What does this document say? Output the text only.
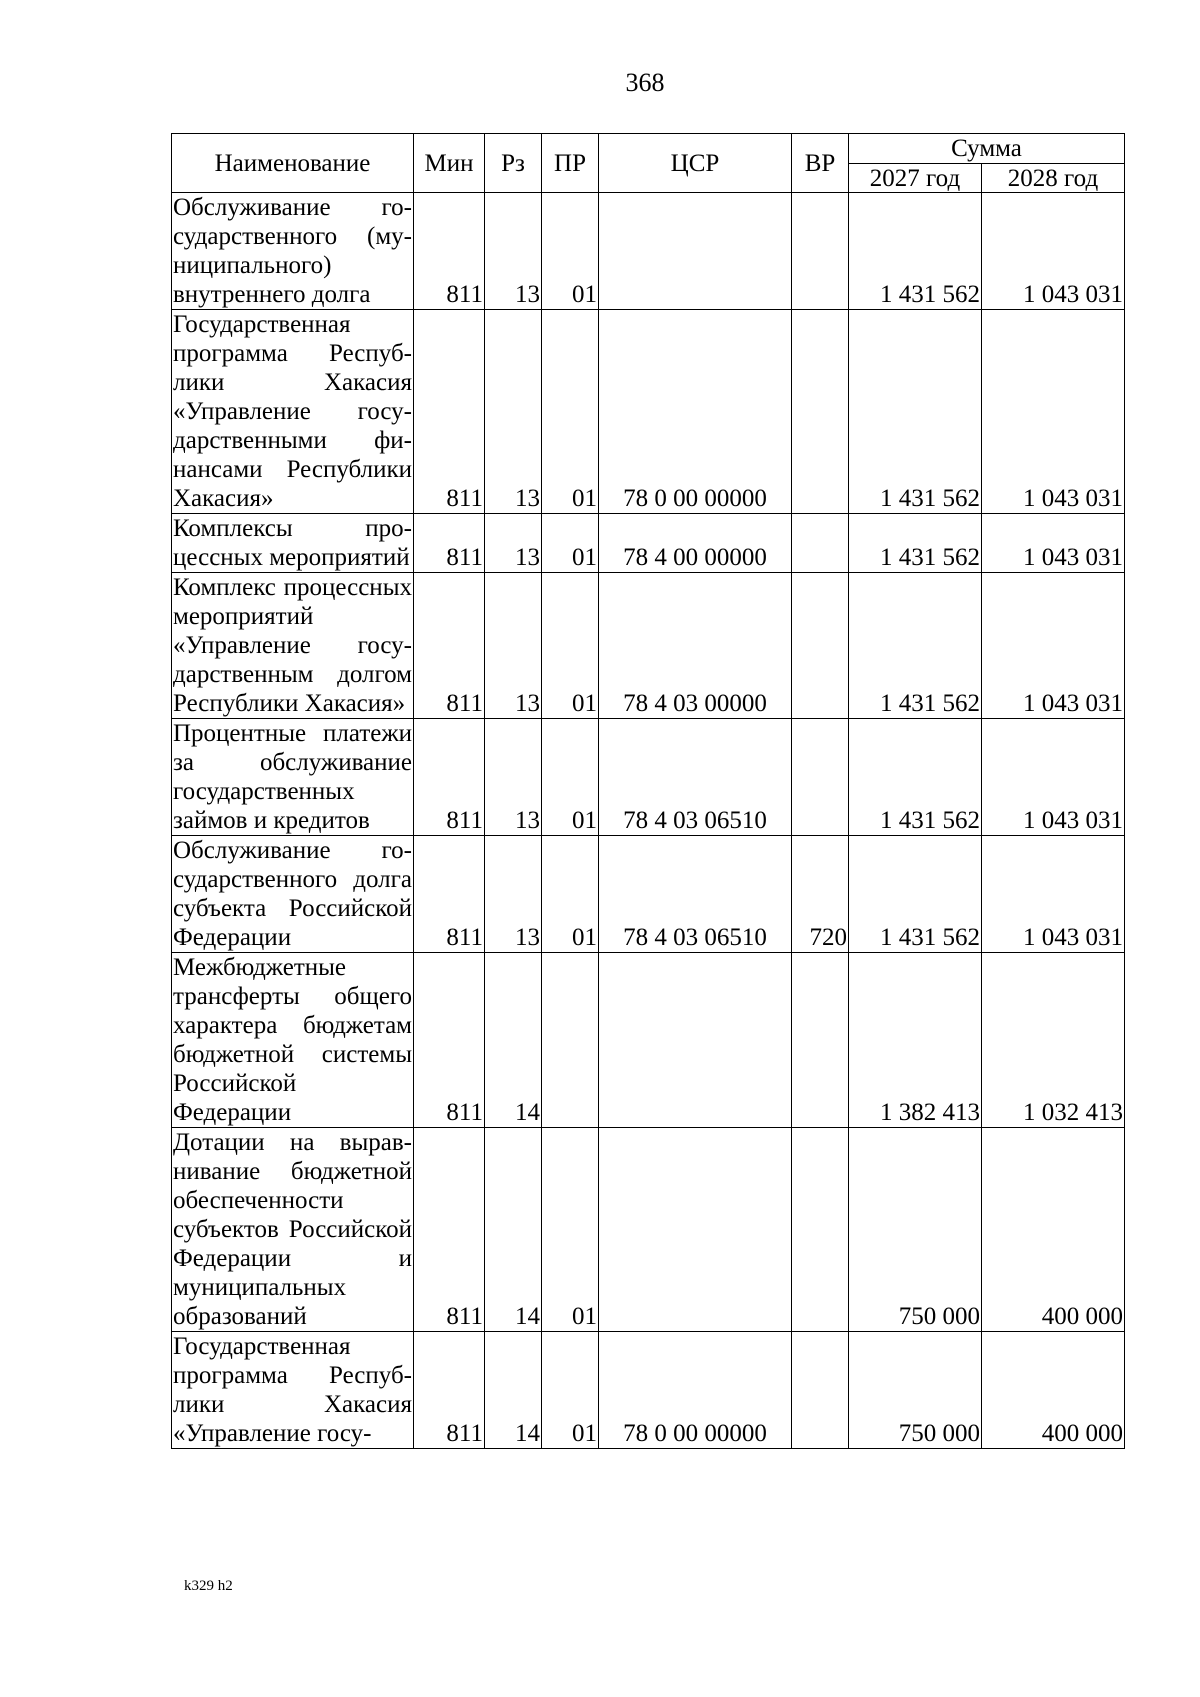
368
Наименование	Мин	Рз	ПР	ЦСР	ВР	Сумма	
						2027 год	2028 год
Обслуживание государственного (муниципального) внутреннего долга	811	13	01			1 431 562	1 043 031
Государственная программа Республики Хакасия «Управление государственными финансами Республики Хакасия»	811	13	01	78 0 00 00000		1 431 562	1 043 031
Комплексы процессных мероприятий	811	13	01	78 4 00 00000		1 431 562	1 043 031
Комплекс процессных мероприятий «Управление государственным долгом Республики Хакасия»	811	13	01	78 4 03 00000		1 431 562	1 043 031
Процентные платежи за обслуживание государственных займов и кредитов	811	13	01	78 4 03 06510		1 431 562	1 043 031
Обслуживание государственного долга субъекта Российской Федерации	811	13	01	78 4 03 06510	720	1 431 562	1 043 031
Межбюджетные трансферты общего характера бюджетам бюджетной системы Российской Федерации	811	14				1 382 413	1 032 413
Дотации на выравнивание бюджетной обеспеченности субъектов Российской Федерации и муниципальных образований	811	14	01			750 000	400 000
Государственная программа Республики Хакасия «Управление госу-	811	14	01	78 0 00 00000		750 000	400 000
k329 h2
